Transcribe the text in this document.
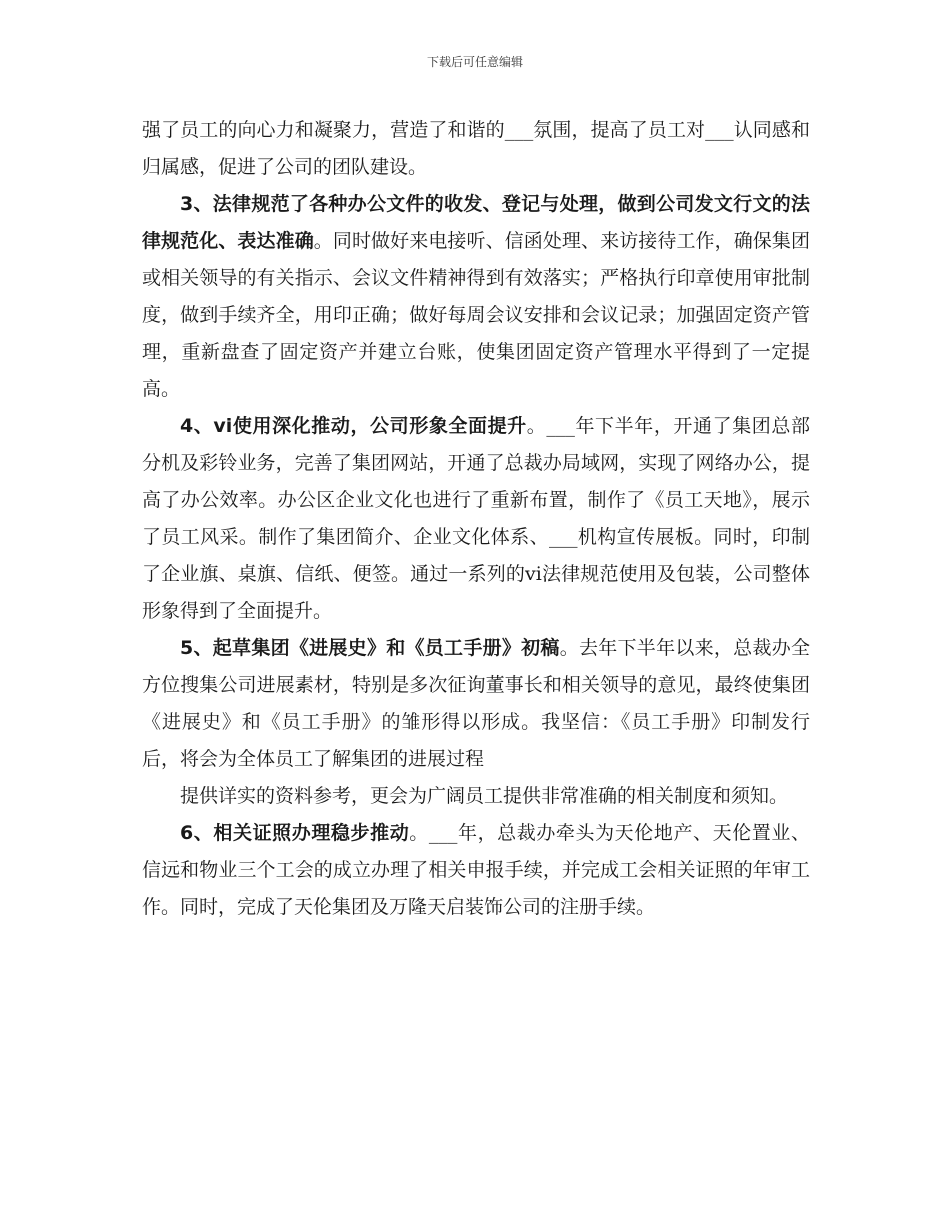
下载后可任意编辑

强了员工的向心力和凝聚力，营造了和谐的___氛围，提高了员工对___认同感和归属感，促进了公司的团队建设。

3、法律规范了各种办公文件的收发、登记与处理，做到公司发文行文的法律规范化、表达准确。同时做好来电接听、信函处理、来访接待工作，确保集团或相关领导的有关指示、会议文件精神得到有效落实；严格执行印章使用审批制度，做到手续齐全，用印正确；做好每周会议安排和会议记录；加强固定资产管理，重新盘查了固定资产并建立台账，使集团固定资产管理水平得到了一定提高。

4、vi使用深化推动，公司形象全面提升。___年下半年，开通了集团总部分机及彩铃业务，完善了集团网站，开通了总裁办局域网，实现了网络办公，提高了办公效率。办公区企业文化也进行了重新布置，制作了《员工天地》，展示了员工风采。制作了集团简介、企业文化体系、___机构宣传展板。同时，印制了企业旗、桌旗、信纸、便签。通过一系列的vi法律规范使用及包装，公司整体形象得到了全面提升。

5、起草集团《进展史》和《员工手册》初稿。去年下半年以来，总裁办全方位搜集公司进展素材，特别是多次征询董事长和相关领导的意见，最终使集团《进展史》和《员工手册》的雏形得以形成。我坚信：《员工手册》印制发行后，将会为全体员工了解集团的进展过程

提供详实的资料参考，更会为广阔员工提供非常准确的相关制度和须知。

6、相关证照办理稳步推动。___年，总裁办牵头为天伦地产、天伦置业、信远和物业三个工会的成立办理了相关申报手续，并完成工会相关证照的年审工作。同时，完成了天伦集团及万隆天启装饰公司的注册手续。
